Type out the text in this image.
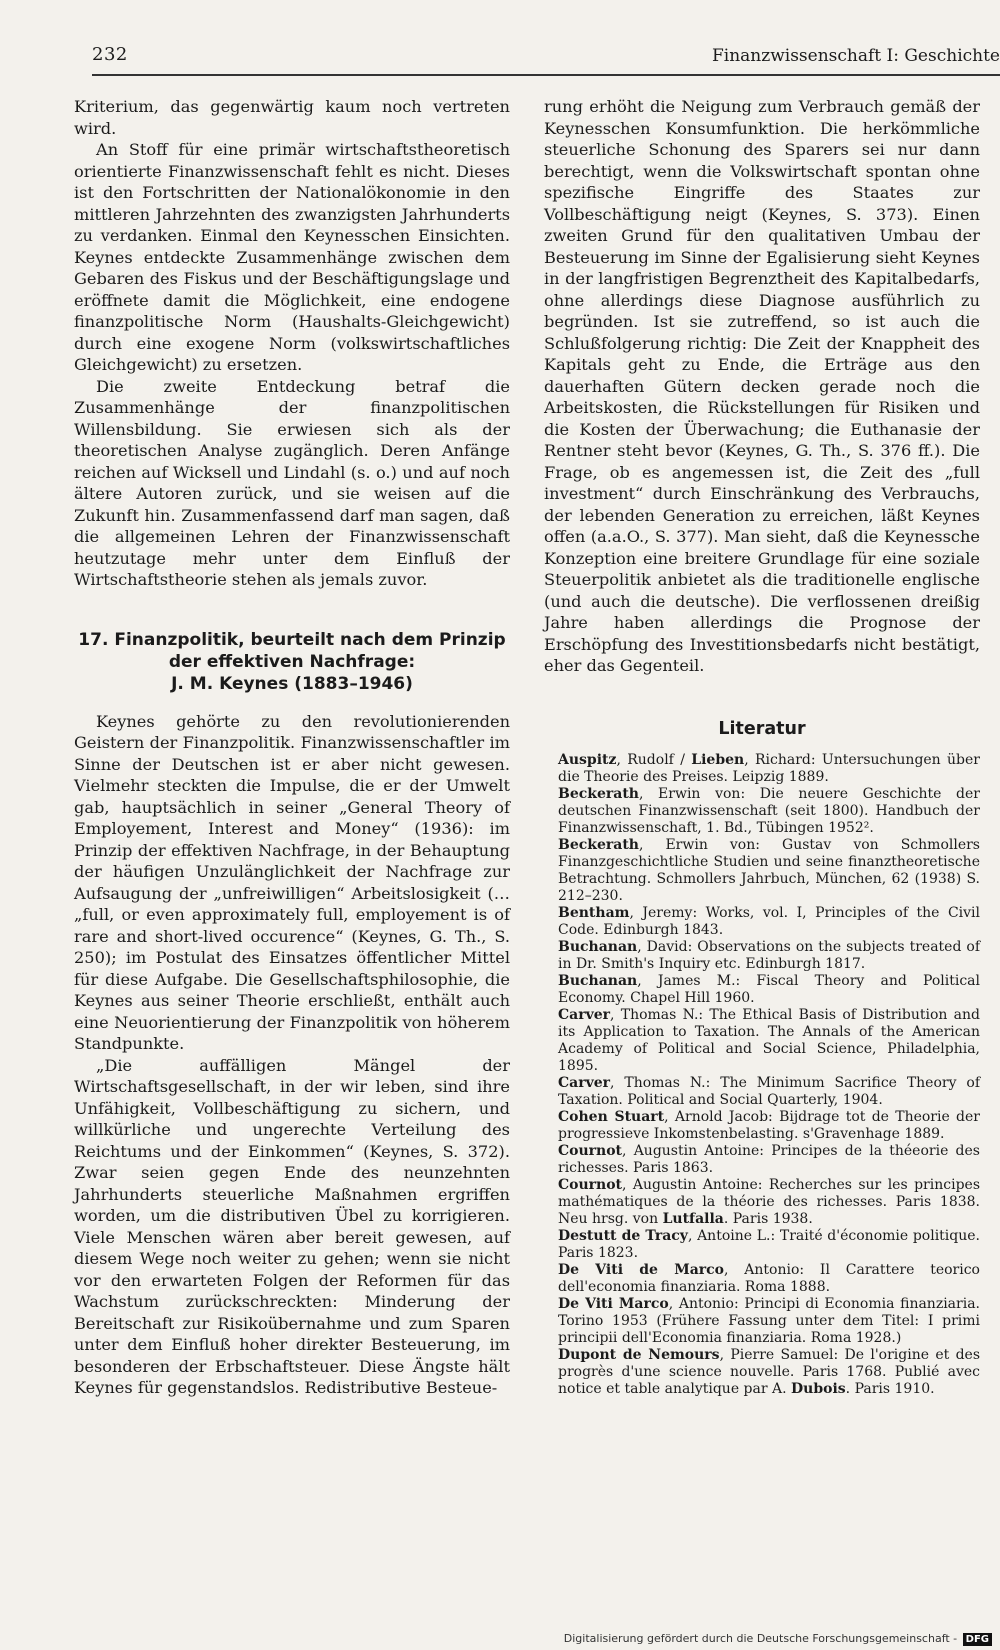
232	Finanzwissenschaft I: Geschichte

Kriterium, das gegenwärtig kaum noch vertreten wird.

An Stoff für eine primär wirtschaftstheoretisch orientierte Finanzwissenschaft fehlt es nicht. Dieses ist den Fortschritten der Nationalökonomie in den mittleren Jahrzehnten des zwanzigsten Jahrhunderts zu verdanken. Einmal den Keynesschen Einsichten. Keynes entdeckte Zusammenhänge zwischen dem Gebaren des Fiskus und der Beschäftigungslage und eröffnete damit die Möglichkeit, eine endogene finanzpolitische Norm (Haushalts-Gleichgewicht) durch eine exogene Norm (volkswirtschaftliches Gleichgewicht) zu ersetzen.

Die zweite Entdeckung betraf die Zusammenhänge der finanzpolitischen Willensbildung. Sie erwiesen sich als der theoretischen Analyse zugänglich. Deren Anfänge reichen auf Wicksell und Lindahl (s. o.) und auf noch ältere Autoren zurück, und sie weisen auf die Zukunft hin. Zusammenfassend darf man sagen, daß die allgemeinen Lehren der Finanzwissenschaft heutzutage mehr unter dem Einfluß der Wirtschaftstheorie stehen als jemals zuvor.

17. Finanzpolitik, beurteilt nach dem Prinzip
der effektiven Nachfrage:
J. M. Keynes (1883–1946)

Keynes gehörte zu den revolutionierenden Geistern der Finanzpolitik. Finanzwissenschaftler im Sinne der Deutschen ist er aber nicht gewesen. Vielmehr steckten die Impulse, die er der Umwelt gab, hauptsächlich in seiner „General Theory of Employement, Interest and Money“ (1936): im Prinzip der effektiven Nachfrage, in der Behauptung der häufigen Unzulänglichkeit der Nachfrage zur Aufsaugung der „unfreiwilligen“ Arbeitslosigkeit (… „full, or even approximately full, employement is of rare and short-lived occurence“ (Keynes, G. Th., S. 250); im Postulat des Einsatzes öffentlicher Mittel für diese Aufgabe. Die Gesellschaftsphilosophie, die Keynes aus seiner Theorie erschließt, enthält auch eine Neuorientierung der Finanzpolitik von höherem Standpunkte.

„Die auffälligen Mängel der Wirtschaftsgesellschaft, in der wir leben, sind ihre Unfähigkeit, Vollbeschäftigung zu sichern, und willkürliche und ungerechte Verteilung des Reichtums und der Einkommen“ (Keynes, S. 372). Zwar seien gegen Ende des neunzehnten Jahrhunderts steuerliche Maßnahmen ergriffen worden, um die distributiven Übel zu korrigieren. Viele Menschen wären aber bereit gewesen, auf diesem Wege noch weiter zu gehen; wenn sie nicht vor den erwarteten Folgen der Reformen für das Wachstum zurückschreckten: Minderung der Bereitschaft zur Risikoübernahme und zum Sparen unter dem Einfluß hoher direkter Besteuerung, im besonderen der Erbschaftsteuer. Diese Ängste hält Keynes für gegenstandslos. Redistributive Besteue-

rung erhöht die Neigung zum Verbrauch gemäß der Keynesschen Konsumfunktion. Die herkömmliche steuerliche Schonung des Sparers sei nur dann berechtigt, wenn die Volkswirtschaft spontan ohne spezifische Eingriffe des Staates zur Vollbeschäftigung neigt (Keynes, S. 373). Einen zweiten Grund für den qualitativen Umbau der Besteuerung im Sinne der Egalisierung sieht Keynes in der langfristigen Begrenztheit des Kapitalbedarfs, ohne allerdings diese Diagnose ausführlich zu begründen. Ist sie zutreffend, so ist auch die Schlußfolgerung richtig: Die Zeit der Knappheit des Kapitals geht zu Ende, die Erträge aus den dauerhaften Gütern decken gerade noch die Arbeitskosten, die Rückstellungen für Risiken und die Kosten der Überwachung; die Euthanasie der Rentner steht bevor (Keynes, G. Th., S. 376 ff.). Die Frage, ob es angemessen ist, die Zeit des „full investment“ durch Einschränkung des Verbrauchs, der lebenden Generation zu erreichen, läßt Keynes offen (a.a.O., S. 377). Man sieht, daß die Keynessche Konzeption eine breitere Grundlage für eine soziale Steuerpolitik anbietet als die traditionelle englische (und auch die deutsche). Die verflossenen dreißig Jahre haben allerdings die Prognose der Erschöpfung des Investitionsbedarfs nicht bestätigt, eher das Gegenteil.

Literatur

Auspitz, Rudolf / Lieben, Richard: Untersuchungen über die Theorie des Preises. Leipzig 1889.

Beckerath, Erwin von: Die neuere Geschichte der deutschen Finanzwissenschaft (seit 1800). Handbuch der Finanzwissenschaft, 1. Bd., Tübingen 1952².

Beckerath, Erwin von: Gustav von Schmollers Finanzgeschichtliche Studien und seine finanztheoretische Betrachtung. Schmollers Jahrbuch, München, 62 (1938) S. 212–230.

Bentham, Jeremy: Works, vol. I, Principles of the Civil Code. Edinburgh 1843.

Buchanan, David: Observations on the subjects treated of in Dr. Smith's Inquiry etc. Edinburgh 1817.

Buchanan, James M.: Fiscal Theory and Political Economy. Chapel Hill 1960.

Carver, Thomas N.: The Ethical Basis of Distribution and its Application to Taxation. The Annals of the American Academy of Political and Social Science, Philadelphia, 1895.

Carver, Thomas N.: The Minimum Sacrifice Theory of Taxation. Political and Social Quarterly, 1904.

Cohen Stuart, Arnold Jacob: Bijdrage tot de Theorie der progressieve Inkomstenbelasting. s'Gravenhage 1889.

Cournot, Augustin Antoine: Principes de la théeorie des richesses. Paris 1863.

Cournot, Augustin Antoine: Recherches sur les principes mathématiques de la théorie des richesses. Paris 1838. Neu hrsg. von Lutfalla. Paris 1938.

Destutt de Tracy, Antoine L.: Traité d'économie politique. Paris 1823.

De Viti de Marco, Antonio: Il Carattere teorico dell'economia finanziaria. Roma 1888.

De Viti Marco, Antonio: Principi di Economia finanziaria. Torino 1953 (Frühere Fassung unter dem Titel: I primi principii dell'Economia finanziaria. Roma 1928.)

Dupont de Nemours, Pierre Samuel: De l'origine et des progrès d'une science nouvelle. Paris 1768. Publié avec notice et table analytique par A. Dubois. Paris 1910.

Digitalisierung gefördert durch die Deutsche Forschungsgemeinschaft - DFG
